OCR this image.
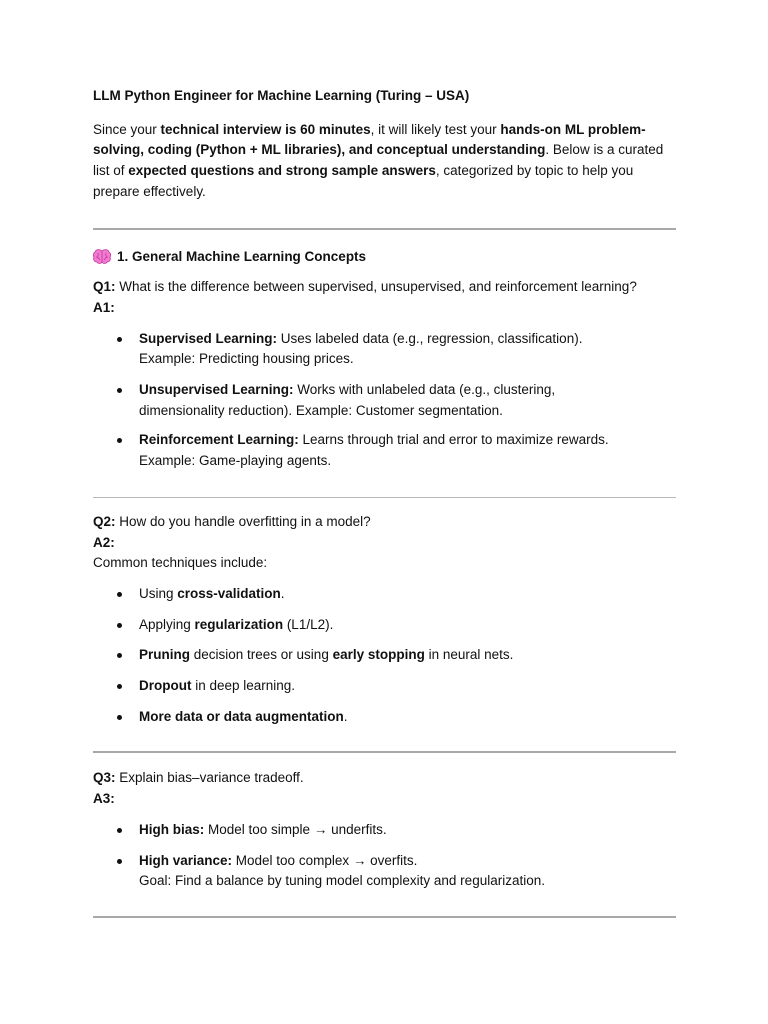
LLM Python Engineer for Machine Learning (Turing – USA)

Since your technical interview is 60 minutes, it will likely test your hands-on ML problem-solving, coding (Python + ML libraries), and conceptual understanding. Below is a curated list of expected questions and strong sample answers, categorized by topic to help you prepare effectively.

1. General Machine Learning Concepts

Q1: What is the difference between supervised, unsupervised, and reinforcement learning?

A1:

Supervised Learning: Uses labeled data (e.g., regression, classification).
Example: Predicting housing prices.
Unsupervised Learning: Works with unlabeled data (e.g., clustering,
dimensionality reduction). Example: Customer segmentation.
Reinforcement Learning: Learns through trial and error to maximize rewards.
Example: Game-playing agents.

Q2: How do you handle overfitting in a model?

A2:

Common techniques include:

Using cross-validation.
Applying regularization (L1/L2).
Pruning decision trees or using early stopping in neural nets.
Dropout in deep learning.
More data or data augmentation.

Q3: Explain bias–variance tradeoff.

A3:

High bias: Model too simple → underfits.
High variance: Model too complex → overfits.
Goal: Find a balance by tuning model complexity and regularization.
